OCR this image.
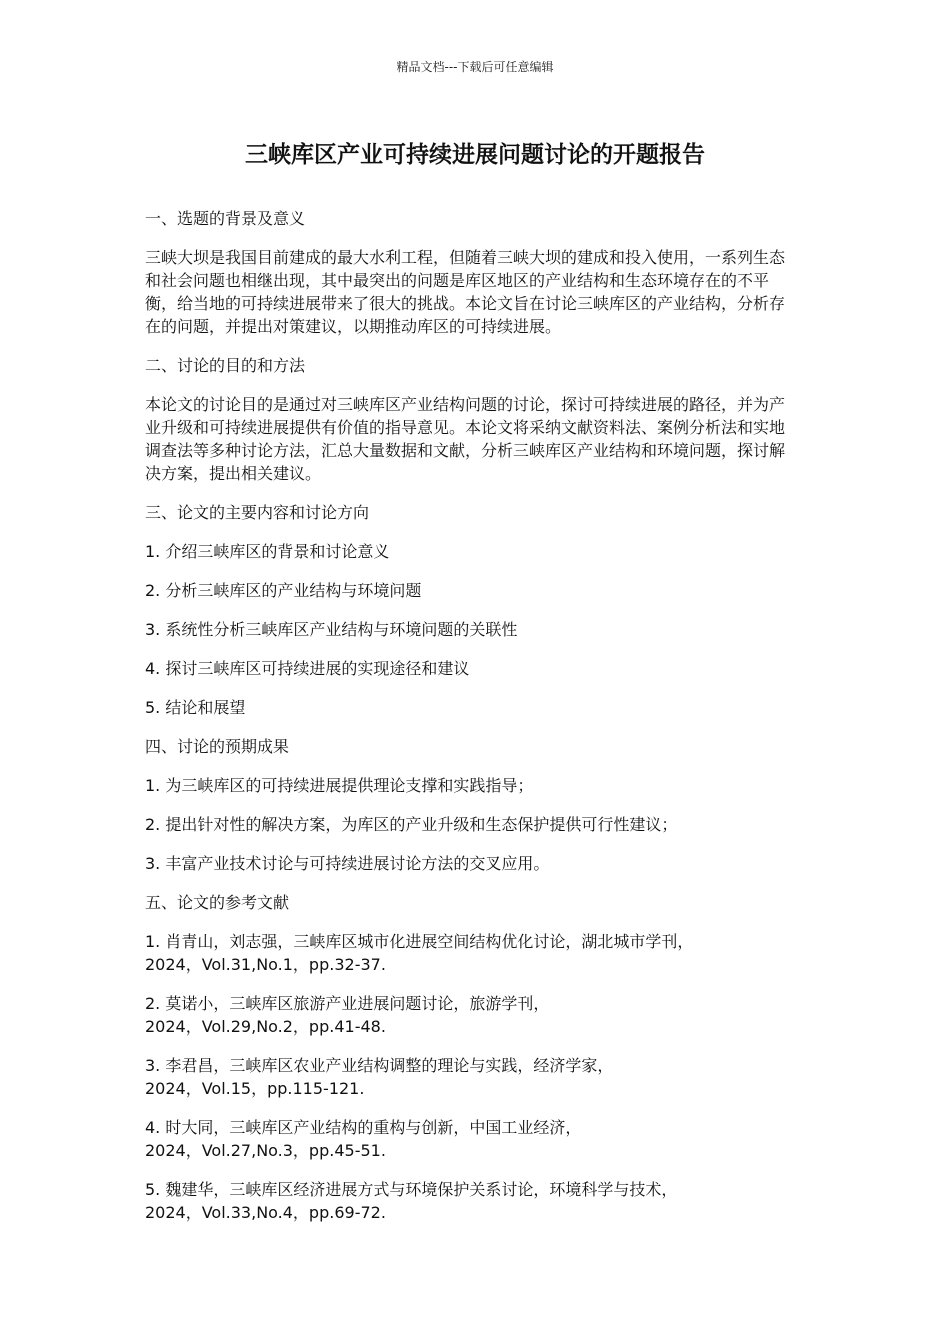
精品文档---下载后可任意编辑
三峡库区产业可持续进展问题讨论的开题报告

一、选题的背景及意义

三峡大坝是我国目前建成的最大水利工程，但随着三峡大坝的建成和投入使用，一系列生态和社会问题也相继出现，其中最突出的问题是库区地区的产业结构和生态环境存在的不平衡，给当地的可持续进展带来了很大的挑战。本论文旨在讨论三峡库区的产业结构，分析存在的问题，并提出对策建议，以期推动库区的可持续进展。

二、讨论的目的和方法

本论文的讨论目的是通过对三峡库区产业结构问题的讨论，探讨可持续进展的路径，并为产业升级和可持续进展提供有价值的指导意见。本论文将采纳文献资料法、案例分析法和实地调查法等多种讨论方法，汇总大量数据和文献，分析三峡库区产业结构和环境问题，探讨解决方案，提出相关建议。

三、论文的主要内容和讨论方向

1. 介绍三峡库区的背景和讨论意义

2. 分析三峡库区的产业结构与环境问题

3. 系统性分析三峡库区产业结构与环境问题的关联性

4. 探讨三峡库区可持续进展的实现途径和建议

5. 结论和展望

四、讨论的预期成果

1. 为三峡库区的可持续进展提供理论支撑和实践指导；

2. 提出针对性的解决方案，为库区的产业升级和生态保护提供可行性建议；

3. 丰富产业技术讨论与可持续进展讨论方法的交叉应用。

五、论文的参考文献

1. 肖青山，刘志强，三峡库区城市化进展空间结构优化讨论，湖北城市学刊，
2024，Vol.31,No.1，pp.32-37.
2. 莫诺小，三峡库区旅游产业进展问题讨论，旅游学刊，
2024，Vol.29,No.2，pp.41-48.
3. 李君昌，三峡库区农业产业结构调整的理论与实践，经济学家，
2024，Vol.15，pp.115-121.
4. 时大同，三峡库区产业结构的重构与创新，中国工业经济，
2024，Vol.27,No.3，pp.45-51.
5. 魏建华，三峡库区经济进展方式与环境保护关系讨论，环境科学与技术，
2024，Vol.33,No.4，pp.69-72.
